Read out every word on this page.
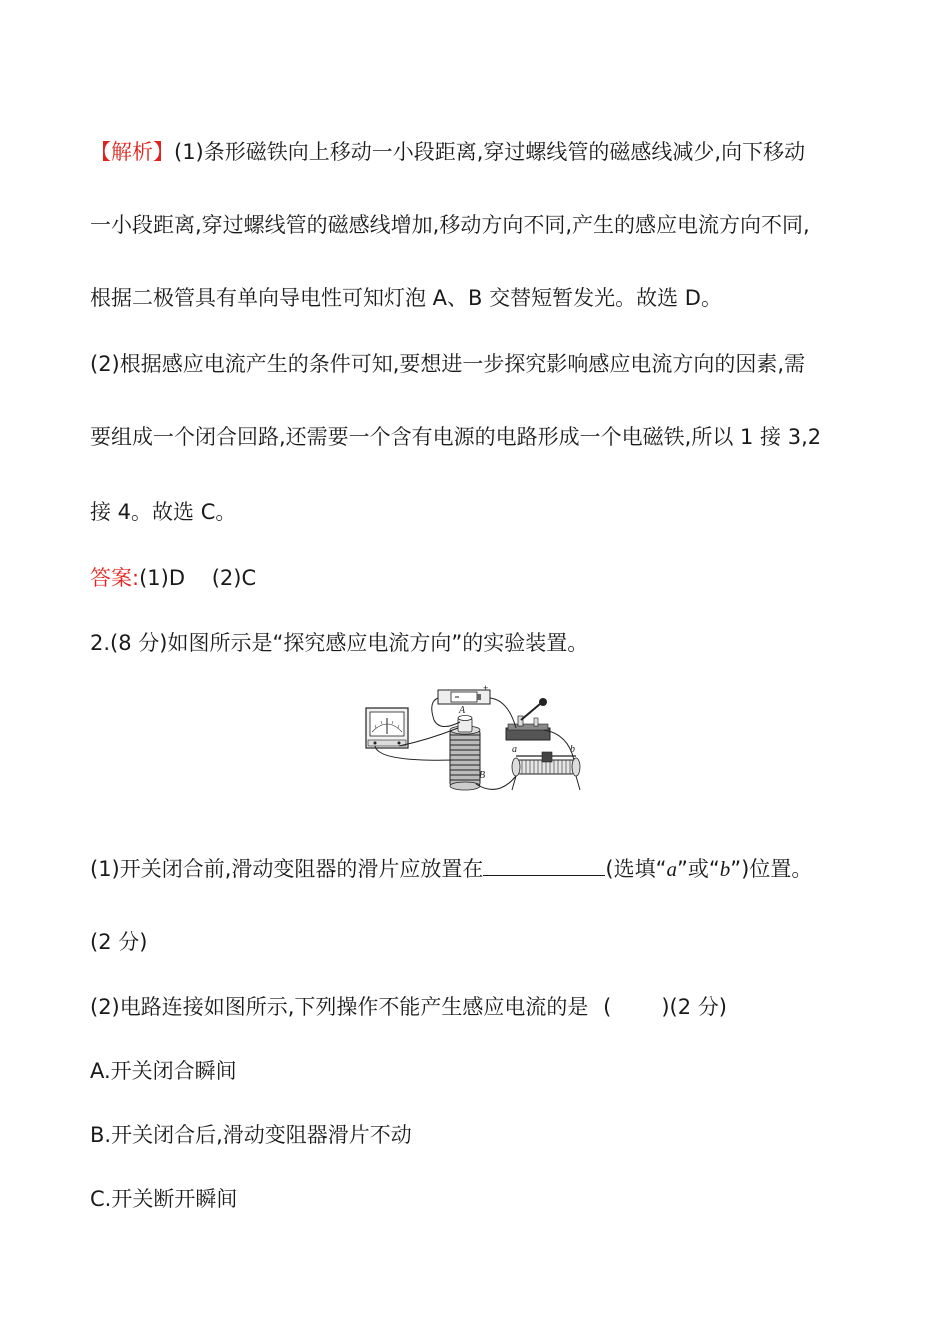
【解析】(1)条形磁铁向上移动一小段距离,穿过螺线管的磁感线减少,向下移动
一小段距离,穿过螺线管的磁感线增加,移动方向不同,产生的感应电流方向不同,
根据二极管具有单向导电性可知灯泡 A、B 交替短暂发光。故选 D。
(2)根据感应电流产生的条件可知,要想进一步探究影响感应电流方向的因素,需
要组成一个闭合回路,还需要一个含有电源的电路形成一个电磁铁,所以 1 接 3,2
接 4。故选 C。
答案:(1)D    (2)C
2.(8 分)如图所示是“探究感应电流方向”的实验装置。
+
A
B
a	b
(1)开关闭合前,滑动变阻器的滑片应放置在	(选填“a”或“b”)位置。
(2 分)
(2)电路连接如图所示,下列操作不能产生感应电流的是 ( )(2 分)
A.开关闭合瞬间
B.开关闭合后,滑动变阻器滑片不动
C.开关断开瞬间
